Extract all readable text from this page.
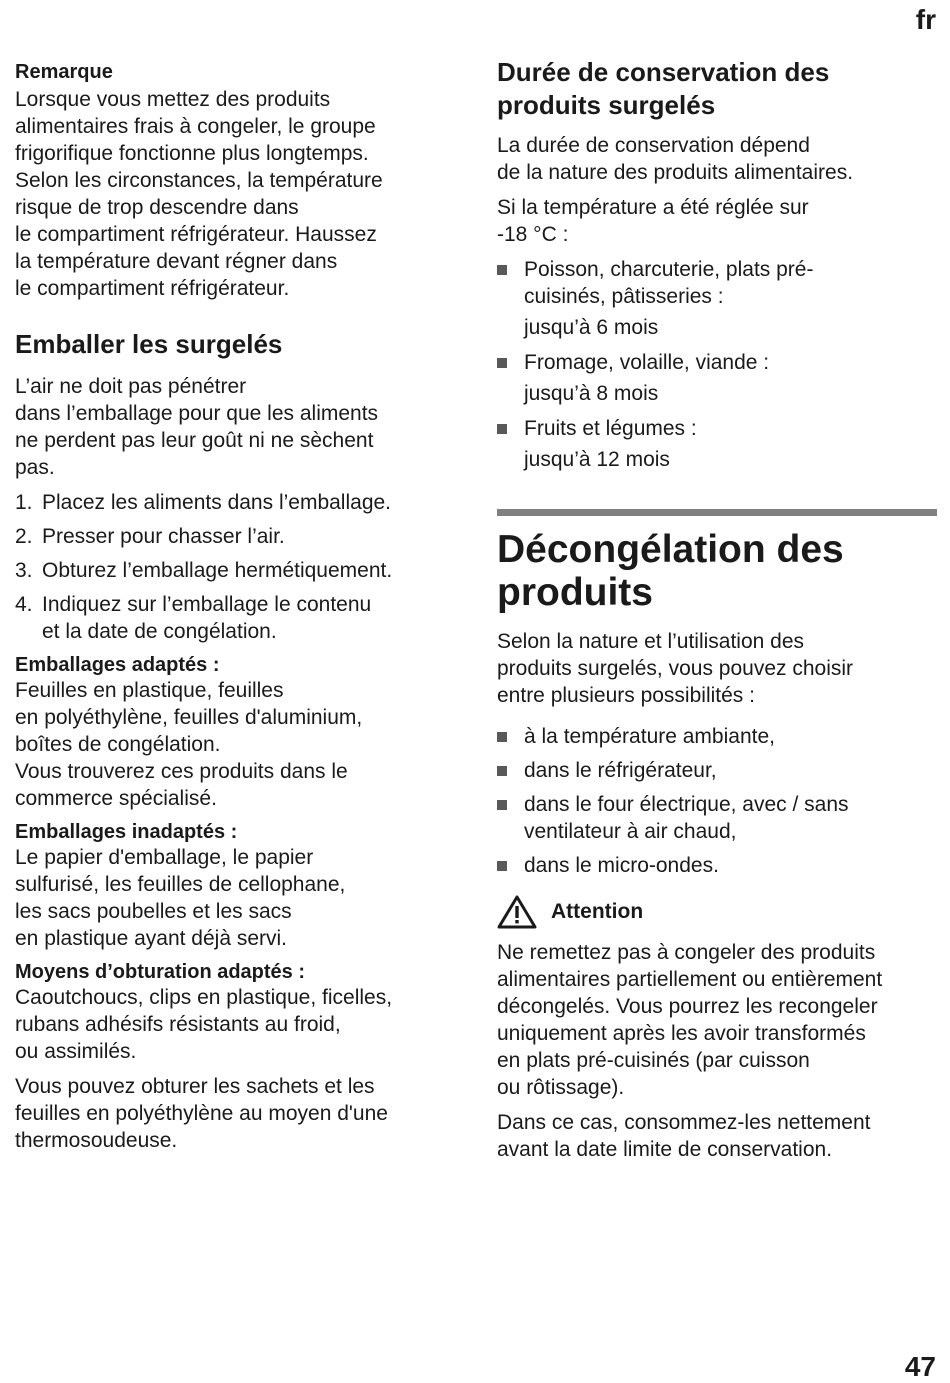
fr
Remarque

Lorsque vous mettez des produits
alimentaires frais à congeler, le groupe
frigorifique fonctionne plus longtemps.
Selon les circonstances, la température
risque de trop descendre dans
le compartiment réfrigérateur. Haussez
la température devant régner dans
le compartiment réfrigérateur.

Emballer les surgelés

L’air ne doit pas pénétrer
dans l’emballage pour que les aliments
ne perdent pas leur goût ni ne sèchent
pas.

1. Placez les aliments dans l’emballage.
2. Presser pour chasser l’air.
3. Obturez l’emballage hermétiquement.
4. Indiquez sur l’emballage le contenu
et la date de congélation.
Emballages adaptés :

Feuilles en plastique, feuilles
en polyéthylène, feuilles d'aluminium,
boîtes de congélation.
Vous trouverez ces produits dans le
commerce spécialisé.

Emballages inadaptés :

Le papier d'emballage, le papier
sulfurisé, les feuilles de cellophane,
les sacs poubelles et les sacs
en plastique ayant déjà servi.

Moyens d’obturation adaptés :

Caoutchoucs, clips en plastique, ficelles,
rubans adhésifs résistants au froid,
ou assimilés.

Vous pouvez obturer les sachets et les
feuilles en polyéthylène au moyen d'une
thermosoudeuse.

Durée de conservation des
produits surgelés

La durée de conservation dépend
de la nature des produits alimentaires.

Si la température a été réglée sur
-18 °C :

Poisson, charcuterie, plats pré-
cuisinés, pâtisseries :
jusqu’à 6 mois
Fromage, volaille, viande :
jusqu’à 8 mois
Fruits et légumes :
jusqu’à 12 mois
Décongélation des
produits

Selon la nature et l’utilisation des
produits surgelés, vous pouvez choisir
entre plusieurs possibilités :

à la température ambiante,
dans le réfrigérateur,
dans le four électrique, avec / sans
ventilateur à air chaud,
dans le micro-ondes.
Attention

Ne remettez pas à congeler des produits
alimentaires partiellement ou entièrement
décongelés. Vous pourrez les recongeler
uniquement après les avoir transformés
en plats pré-cuisinés (par cuisson
ou rôtissage).

Dans ce cas, consommez-les nettement
avant la date limite de conservation.

47
